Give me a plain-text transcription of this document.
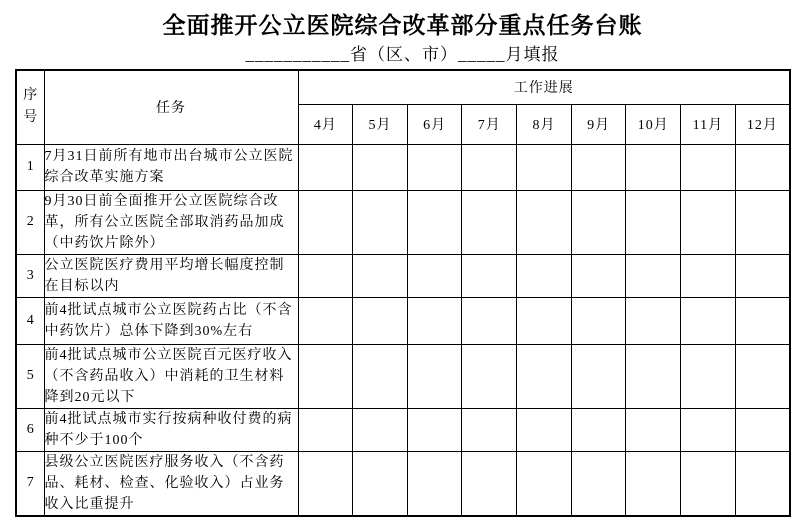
全面推开公立医院综合改革部分重点任务台账
___________省（区、市）_____月填报
序号	任务	工作进展								
		4月	5月	6月	7月	8月	9月	10月	11月	12月
1	7月31日前所有地市出台城市公立医院综合改革实施方案									
2	9月30日前全面推开公立医院综合改革，所有公立医院全部取消药品加成（中药饮片除外）									
3	公立医院医疗费用平均增长幅度控制在目标以内									
4	前4批试点城市公立医院药占比（不含中药饮片）总体下降到30%左右									
5	前4批试点城市公立医院百元医疗收入（不含药品收入）中消耗的卫生材料降到20元以下									
6	前4批试点城市实行按病种收付费的病种不少于100个									
7	县级公立医院医疗服务收入（不含药品、耗材、检查、化验收入）占业务收入比重提升									
